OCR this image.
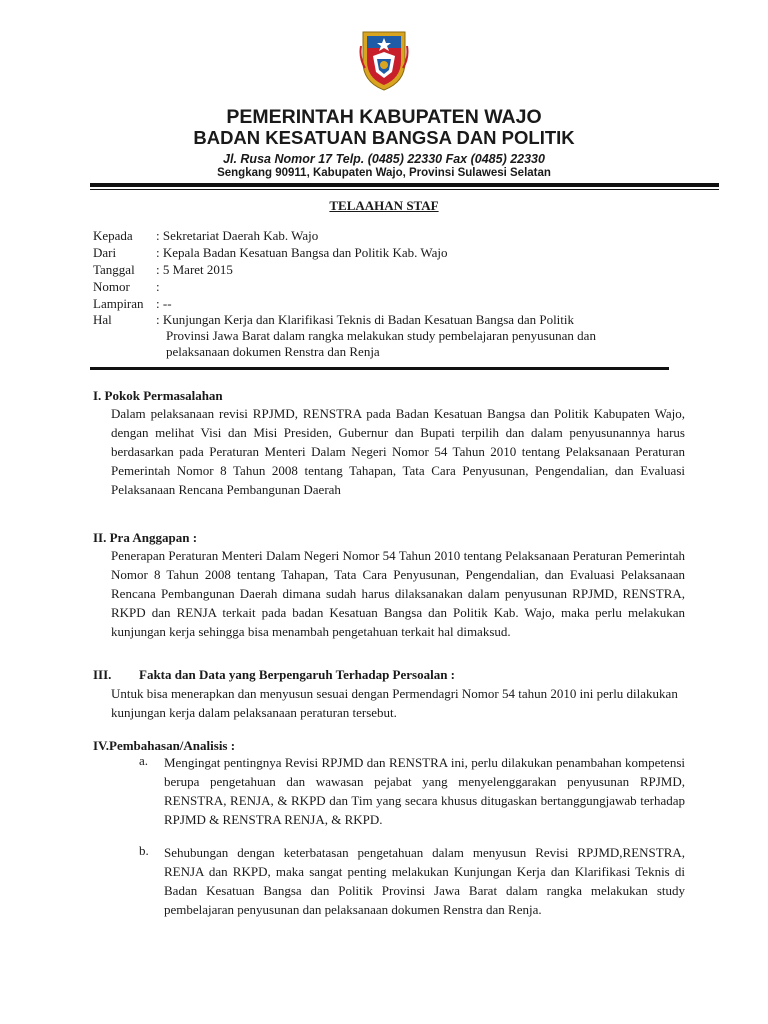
PEMERINTAH KABUPATEN WAJO
BADAN KESATUAN BANGSA DAN POLITIK
Jl. Rusa Nomor 17 Telp. (0485) 22330 Fax (0485) 22330
Sengkang 90911, Kabupaten Wajo, Provinsi Sulawesi Selatan
TELAAHAN STAF
Kepada : Sekretariat Daerah Kab. Wajo
Dari	: Kepala Badan Kesatuan Bangsa dan Politik Kab. Wajo
Tanggal : 5 Maret 2015
Nomor :
Lampiran : --
Hal	: Kunjungan Kerja dan Klarifikasi Teknis di Badan Kesatuan Bangsa dan Politik
Provinsi Jawa Barat dalam rangka melakukan study pembelajaran penyusunan dan
pelaksanaan dokumen Renstra dan Renja
I. Pokok Permasalahan
Dalam pelaksanaan revisi RPJMD, RENSTRA pada Badan Kesatuan Bangsa dan Politik Kabupaten Wajo, dengan melihat Visi dan Misi Presiden, Gubernur dan Bupati terpilih dan dalam penyusunannya harus berdasarkan pada Peraturan Menteri Dalam Negeri Nomor 54 Tahun 2010 tentang Pelaksanaan Peraturan Pemerintah Nomor 8 Tahun 2008 tentang Tahapan, Tata Cara Penyusunan, Pengendalian, dan Evaluasi Pelaksanaan Rencana Pembangunan Daerah
II. Pra Anggapan :
Penerapan Peraturan Menteri Dalam Negeri Nomor 54 Tahun 2010 tentang Pelaksanaan Peraturan Pemerintah Nomor 8 Tahun 2008 tentang Tahapan, Tata Cara Penyusunan, Pengendalian, dan Evaluasi Pelaksanaan Rencana Pembangunan Daerah dimana sudah harus dilaksanakan dalam penyusunan RPJMD, RENSTRA, RKPD dan RENJA terkait pada badan Kesatuan Bangsa dan Politik Kab. Wajo, maka perlu melakukan kunjungan kerja sehingga bisa menambah pengetahuan terkait hal dimaksud.
III. Fakta dan Data yang Berpengaruh Terhadap Persoalan :
Untuk bisa menerapkan dan menyusun sesuai dengan Permendagri Nomor 54 tahun 2010 ini perlu dilakukan kunjungan kerja dalam pelaksanaan peraturan tersebut.
IV.Pembahasan/Analisis :
a. Mengingat pentingnya Revisi RPJMD dan RENSTRA ini, perlu dilakukan penambahan kompetensi berupa pengetahuan dan wawasan pejabat yang menyelenggarakan penyusunan RPJMD, RENSTRA, RENJA, & RKPD dan Tim yang secara khusus ditugaskan bertanggungjawab terhadap RPJMD & RENSTRA RENJA, & RKPD.
b. Sehubungan dengan keterbatasan pengetahuan dalam menyusun Revisi RPJMD,RENSTRA, RENJA dan RKPD, maka sangat penting melakukan Kunjungan Kerja dan Klarifikasi Teknis di Badan Kesatuan Bangsa dan Politik Provinsi Jawa Barat dalam rangka melakukan study pembelajaran penyusunan dan pelaksanaan dokumen Renstra dan Renja.
